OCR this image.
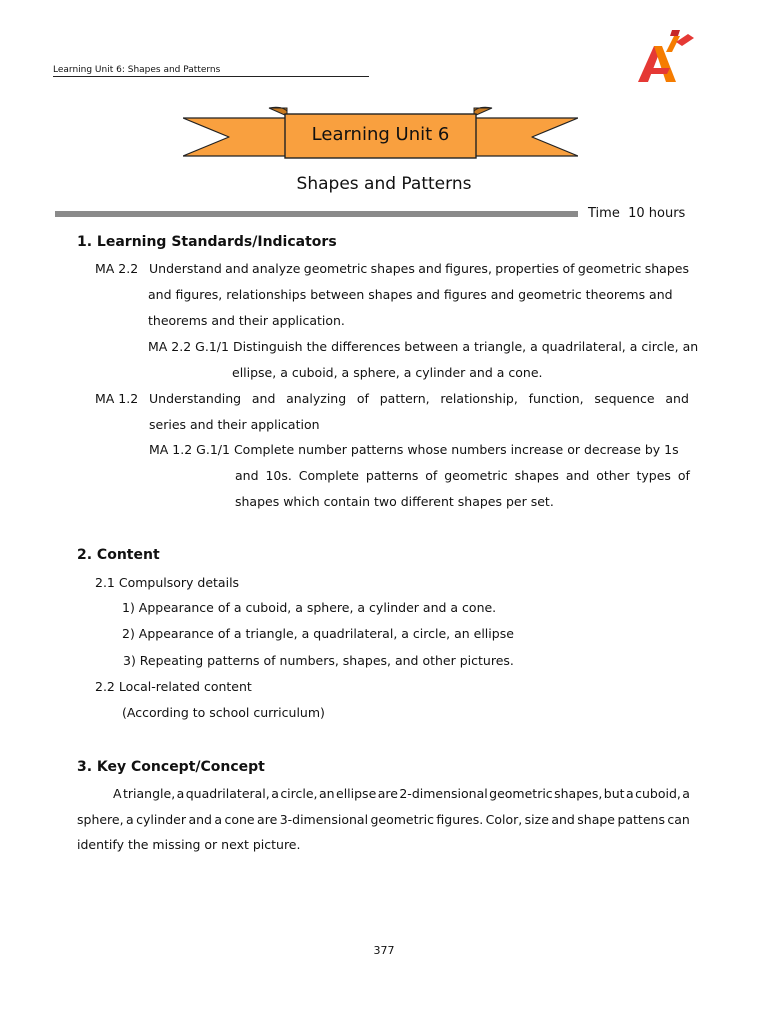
Learning Unit 6: Shapes and Patterns
Learning Unit 6
Shapes and Patterns
Time 10 hours
1. Learning Standards/Indicators
MA 2.2 Understand and analyze geometric shapes and figures, properties of geometric shapes
and figures, relationships between shapes and figures and geometric theorems and
theorems and their application.
MA 2.2 G.1/1 Distinguish the differences between a triangle, a quadrilateral, a circle, an
ellipse, a cuboid, a sphere, a cylinder and a cone.
MA 1.2 Understanding and analyzing of pattern, relationship, function, sequence and
series and their application
MA 1.2 G.1/1 Complete number patterns whose numbers increase or decrease by 1s
and 10s. Complete patterns of geometric shapes and other types of
shapes which contain two different shapes per set.
2. Content
2.1 Compulsory details
1) Appearance of a cuboid, a sphere, a cylinder and a cone.
2) Appearance of a triangle, a quadrilateral, a circle, an ellipse
3) Repeating patterns of numbers, shapes, and other pictures.
2.2 Local-related content
(According to school curriculum)
3. Key Concept/Concept
A triangle, a quadrilateral, a circle, an ellipse are 2-dimensional geometric shapes, but a cuboid, a
sphere, a cylinder and a cone are 3-dimensional geometric figures. Color, size and shape pattens can
identify the missing or next picture.
377
